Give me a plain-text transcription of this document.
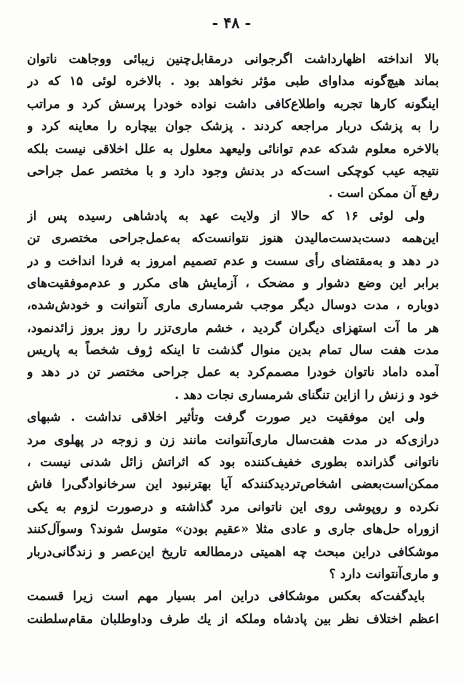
- ۴۸ -
بالا انداخته اظهارداشت اگرجوانی درمقابل‌چنین زیبائی ووجاهت ناتوان
بماند هیچ‌گونه مداوای طبی مؤثر نخواهد بود . بالاخره لوئی ۱۵ که در
اینگونه کارها تجربه واطلاع‌کافی داشت نواده خودرا پرسش کرد و مراتب
را به پزشک دربار مراجعه کردند . پزشک جوان بیچاره را معاینه کرد و
بالاخره معلوم شدکه عدم توانائی ولیعهد معلول به علل اخلاقی نیست بلکه
نتیجه عیب کوچکی است‌که در بدنش وجود دارد و با مختصر عمل جراحی
رفع آن ممکن است .
ولی لوئی ۱۶ که حالا از ولایت عهد به پادشاهی رسیده پس از
این‌همه دست‌بدست‌مالیدن هنوز نتوانست‌که به‌عمل‌جراحی مختصری تن
در دهد و به‌مقتضای رأی سست و عدم تصمیم امروز به فردا انداخت و در
برابر این وضع دشوار و مضحک ، آزمایش های مکرر و عدم‌موفقیت‌های
دوباره ، مدت دوسال دیگر موجب شرمساری ماری آنتوانت و خودش‌شده،
هر ما آت استهزای دیگران گردید ، خشم ماری‌تزر را روز بروز زائدنمود،
مدت هفت سال تمام بدین منوال گذشت تا اینکه ژوف شخصاً به پاریس
آمده داماد ناتوان خودرا مصمم‌کرد به عمل جراحی مختصر تن در دهد و
خود و زنش را ازاین تنگنای شرمساری نجات دهد .
ولی این موفقیت دیر صورت گرفت وتأثیر اخلاقی نداشت . شبهای
درازی‌که در مدت هفت‌سال ماری‌آنتوانت مانند زن و زوجه در پهلوی مرد
ناتوانی گذرانده بطوری خفیف‌کننده بود که اثراتش زائل شدنی نیست ،
ممکن‌است‌بعضی اشخاص‌تردیدکنندکه آیا بهترنبود این سرخانوادگی‌را فاش
نکرده و روپوشی روی این ناتوانی مرد گذاشته و درصورت لزوم به یکی
ازوراه حل‌های جاری و عادی مثلا «عقیم بودن» متوسل شوند؟ وسوآل‌کنند
موشکافی دراین مبحث چه اهمیتی درمطالعه تاریخ این‌عصر و زندگانی‌دربار
و ماری‌آنتوانت دارد ؟
بایدگفت‌که بعکس موشکافی دراین امر بسیار مهم است زیرا قسمت
اعظم اختلاف نظر بین پادشاه وملکه از یك طرف وداوطلبان مقام‌سلطنت
